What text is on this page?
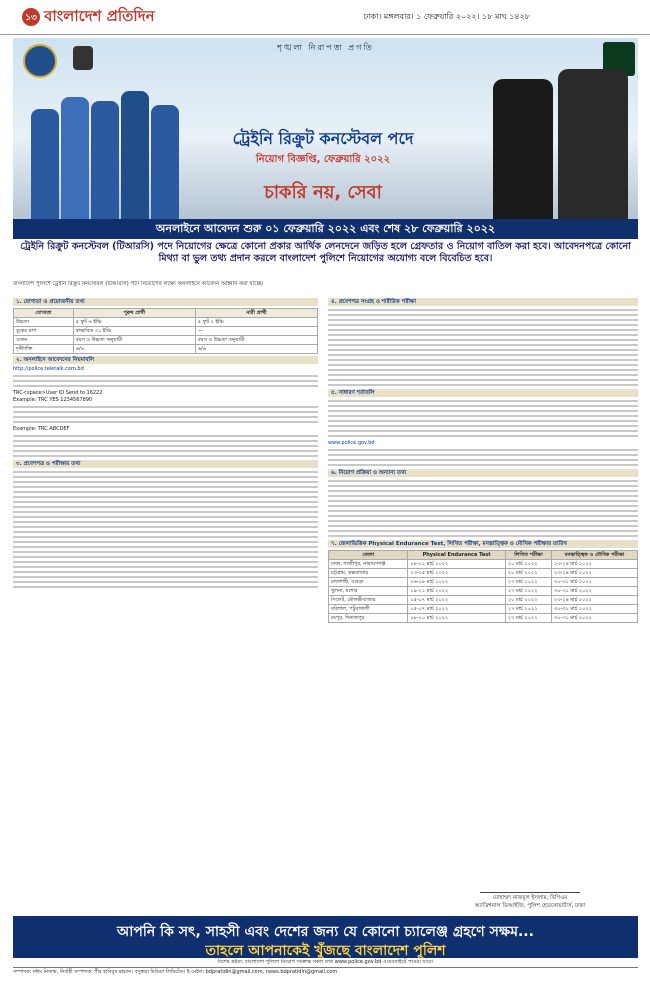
১৩ বাংলাদেশ প্রতিদিন	ঢাকা। মঙ্গলবার। ১ ফেব্রুয়ারি ২০২২। ১৮ মাঘ ১৪২৮
শৃঙ্খলা নিরাপত্তা প্রগতি
ট্রেইনি রিক্রুট কনস্টেবল পদে
নিয়োগ বিজ্ঞপ্তি, ফেব্রুয়ারি ২০২২
চাকরি নয়, সেবা
অনলাইনে আবেদন শুরু ০১ ফেব্রুয়ারি ২০২২ এবং শেষ ২৮ ফেব্রুয়ারি ২০২২
ট্রেইনি রিক্রুট কনস্টেবল (টিআরসি) পদে নিয়োগের ক্ষেত্রে কোনো প্রকার আর্থিক লেনদেনে জড়িত হলে গ্রেফতার ও নিয়োগ বাতিল করা হবে। আবেদনপত্রে কোনো মিথ্যা বা ভুল তথ্য প্রদান করলে বাংলাদেশ পুলিশে নিয়োগের অযোগ্য বলে বিবেচিত হবে।
বাংলাদেশ পুলিশে ট্রেইনি রিক্রুট কনস্টেবল (টিআরসি) পদে নিয়োগের লক্ষ্যে অনলাইনে আবেদন আহ্বান করা যাচ্ছে।
১. যোগ্যতা ও প্রয়োজনীয় তথ্য
যোগ্যতা	পুরুষ প্রার্থী	নারী প্রার্থী
উচ্চতা	৫ ফুট ৬ ইঞ্চি	৫ ফুট ২ ইঞ্চি
বুকের মাপ	স্বাভাবিক ৩১ ইঞ্চি	—
ওজন	বয়স ও উচ্চতা অনুযায়ী	বয়স ও উচ্চতা অনুযায়ী
দৃষ্টিশক্তি	৬/৬	৬/৬
২. অনলাইনে আবেদনের নিয়মাবলি
http://police.teletalk.com.bd
TRC<space>User ID Send to 16222
Example: TRC YES 1234567890
Example: TRC ABCDEF
৩. প্রবেশপত্র ও পরীক্ষার তথ্য
৪. প্রবেশপত্র সংগ্রহ ও শারীরিক পরীক্ষা
৫. সাধারণ শর্তাবলি
www.police.gov.bd
৬. নিয়োগ প্রক্রিয়া ও অন্যান্য তথ্য
৭. জেলাভিত্তিক Physical Endurance Test, লিখিত পরীক্ষা, মনস্তাত্ত্বিক ও মৌখিক পরীক্ষার তারিখ
জেলা	Physical Endurance Test	লিখিত পরীক্ষা	মনস্তাত্ত্বিক ও মৌখিক পরীক্ষা
ঢাকা, গাজীপুর, নারায়ণগঞ্জ	০৮-১২ মার্চ ২০২২	২০ মার্চ ২০২২	২৩-২৪ মার্চ ২০২২
চট্টগ্রাম, কক্সবাজার	১৩-১৫ মার্চ ২০২২	২০ মার্চ ২০২২	২৩-২৪ মার্চ ২০২২
রাজশাহী, বগুড়া	১৬-১৮ মার্চ ২০২২	২৭ মার্চ ২০২২	৩০-৩১ মার্চ ২০২২
খুলনা, যশোর	১৯-২১ মার্চ ২০২২	২৭ মার্চ ২০২২	৩০-৩১ মার্চ ২০২২
সিলেট, মৌলভীবাজার	০৫-০৭ মার্চ ২০২২	২০ মার্চ ২০২২	২৩-২৪ মার্চ ২০২২
বরিশাল, পটুয়াখালী	০৫-০৭ মার্চ ২০২২	২৭ মার্চ ২০২২	৩০-৩১ মার্চ ২০২২
রংপুর, দিনাজপুর	০৮-১০ মার্চ ২০২২	২৭ মার্চ ২০২২	৩০-৩১ মার্চ ২০২২
মোহাম্মদ নাজমুল ইসলাম, বিপিএম
অ্যাডিশনাল ডিআইজি, পুলিশ হেডকোয়ার্টার্স, ঢাকা
আপনি কি সৎ, সাহসী এবং দেশের জন্য যে কোনো চ্যালেঞ্জ গ্রহণে সক্ষম...
তাহলে আপনাকেই খুঁজছে বাংলাদেশ পুলিশ
বিশেষ দ্রষ্টব্য: বাংলাদেশ পুলিশে নিয়োগ সংক্রান্ত সকল তথ্য www.police.gov.bd ওয়েবসাইটে পাওয়া যাবে।
সম্পাদক: নঈম নিজাম, নির্বাহী সম্পাদক: পীর হাবিবুর রহমান। বসুন্ধরা মিডিয়া লিমিটেড। ই-মেইল: bdpratidin@gmail.com, news.bdpratidin@gmail.com
